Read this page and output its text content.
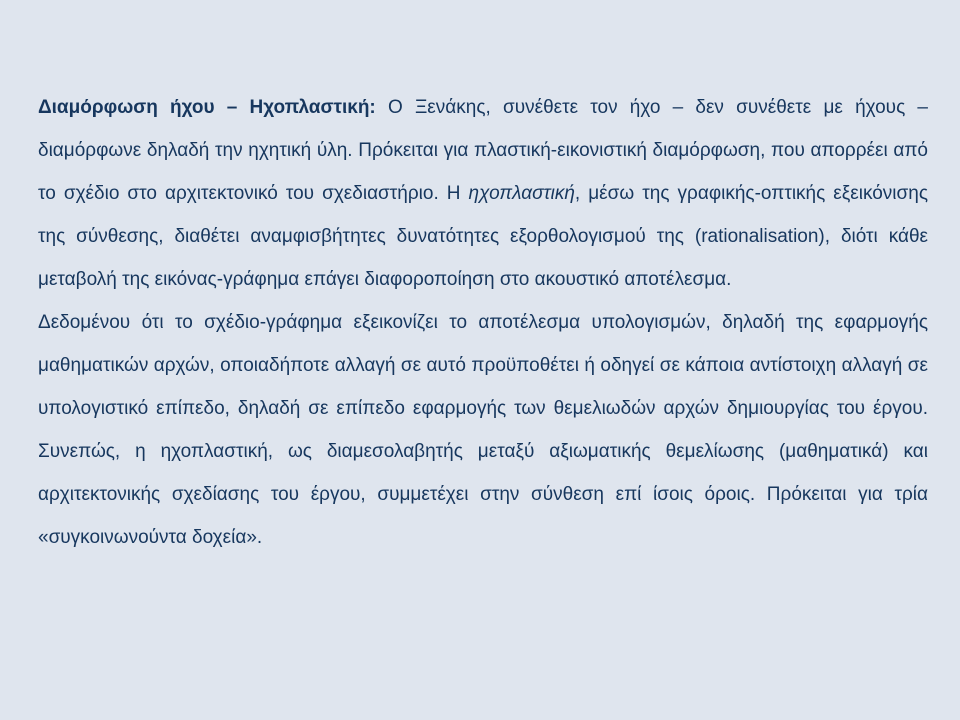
Διαμόρφωση ήχου – Ηχοπλαστική: Ο Ξενάκης, συνέθετε τον ήχο – δεν συνέθετε με ήχους – διαμόρφωνε δηλαδή την ηχητική ύλη. Πρόκειται για πλαστική-εικονιστική διαμόρφωση, που απορρέει από το σχέδιο στο αρχιτεκτονικό του σχεδιαστήριο. Η ηχοπλαστική, μέσω της γραφικής-οπτικής εξεικόνισης της σύνθεσης, διαθέτει αναμφισβήτητες δυνατότητες εξορθολογισμού της (rationalisation), διότι κάθε μεταβολή της εικόνας-γράφημα επάγει διαφοροποίηση στο ακουστικό αποτέλεσμα.

Δεδομένου ότι το σχέδιο-γράφημα εξεικονίζει το αποτέλεσμα υπολογισμών, δηλαδή της εφαρμογής μαθηματικών αρχών, οποιαδήποτε αλλαγή σε αυτό προϋποθέτει ή οδηγεί σε κάποια αντίστοιχη αλλαγή σε υπολογιστικό επίπεδο, δηλαδή σε επίπεδο εφαρμογής των θεμελιωδών αρχών δημιουργίας του έργου. Συνεπώς, η ηχοπλαστική, ως διαμεσολαβητής μεταξύ αξιωματικής θεμελίωσης (μαθηματικά) και αρχιτεκτονικής σχεδίασης του έργου, συμμετέχει στην σύνθεση επί ίσοις όροις. Πρόκειται για τρία «συγκοινωνούντα δοχεία».
